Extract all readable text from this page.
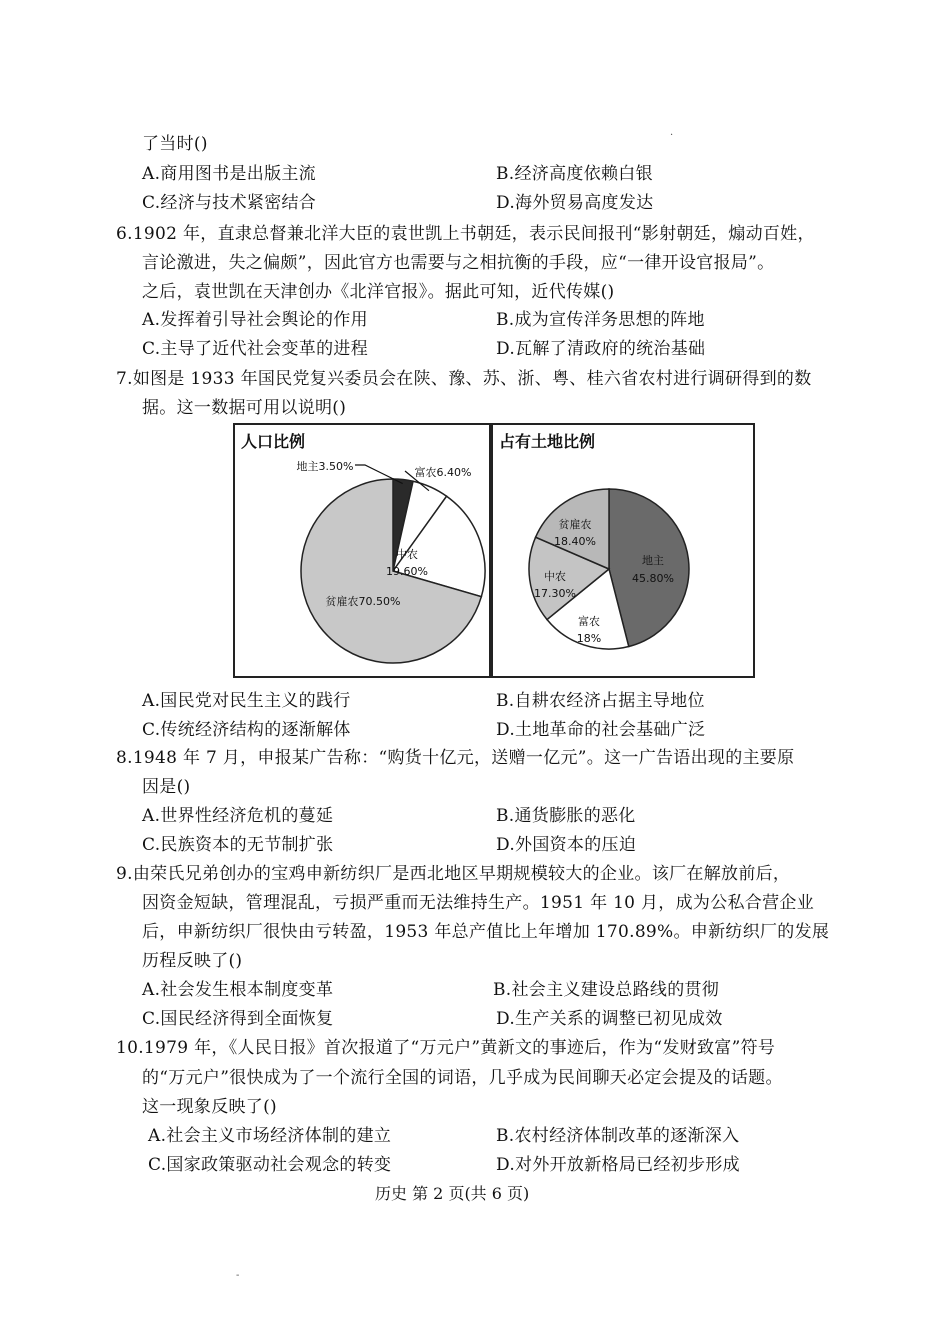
了当时()	·
A.商用图书是出版主流	B.经济高度依赖白银
C.经济与技术紧密结合	D.海外贸易高度发达
6.1902 年，直隶总督兼北洋大臣的袁世凯上书朝廷，表示民间报刊“影射朝廷，煽动百姓，
言论激进，失之偏颇”，因此官方也需要与之相抗衡的手段，应“一律开设官报局”。
之后，袁世凯在天津创办《北洋官报》。据此可知，近代传媒()
A.发挥着引导社会舆论的作用	B.成为宣传洋务思想的阵地
C.主导了近代社会变革的进程	D.瓦解了清政府的统治基础
7.如图是 1933 年国民党复兴委员会在陕、豫、苏、浙、粤、桂六省农村进行调研得到的数
据。这一数据可用以说明()
人口比例
地主3.50%	富农6.40%
中农
19.60%
贫雇农70.50%
占有土地比例
地主
45.80%
富农
18%
中农
17.30%
贫雇农
18.40%
A.国民党对民生主义的践行	B.自耕农经济占据主导地位
C.传统经济结构的逐渐解体	D.土地革命的社会基础广泛
8.1948 年 7 月，申报某广告称：“购货十亿元，送赠一亿元”。这一广告语出现的主要原
因是()
A.世界性经济危机的蔓延	B.通货膨胀的恶化
C.民族资本的无节制扩张	D.外国资本的压迫
9.由荣氏兄弟创办的宝鸡申新纺织厂是西北地区早期规模较大的企业。该厂在解放前后，
因资金短缺，管理混乱，亏损严重而无法维持生产。1951 年 10 月，成为公私合营企业
后，申新纺织厂很快由亏转盈，1953 年总产值比上年增加 170.89%。申新纺织厂的发展
历程反映了()
A.社会发生根本制度变革	B.社会主义建设总路线的贯彻
C.国民经济得到全面恢复	D.生产关系的调整已初见成效
10.1979 年，《人民日报》首次报道了“万元户”黄新文的事迹后，作为“发财致富”符号
的“万元户”很快成为了一个流行全国的词语，几乎成为民间聊天必定会提及的话题。
这一现象反映了()
A.社会主义市场经济体制的建立	B.农村经济体制改革的逐渐深入
C.国家政策驱动社会观念的转变	D.对外开放新格局已经初步形成
历史 第 2 页(共 6 页)
-
